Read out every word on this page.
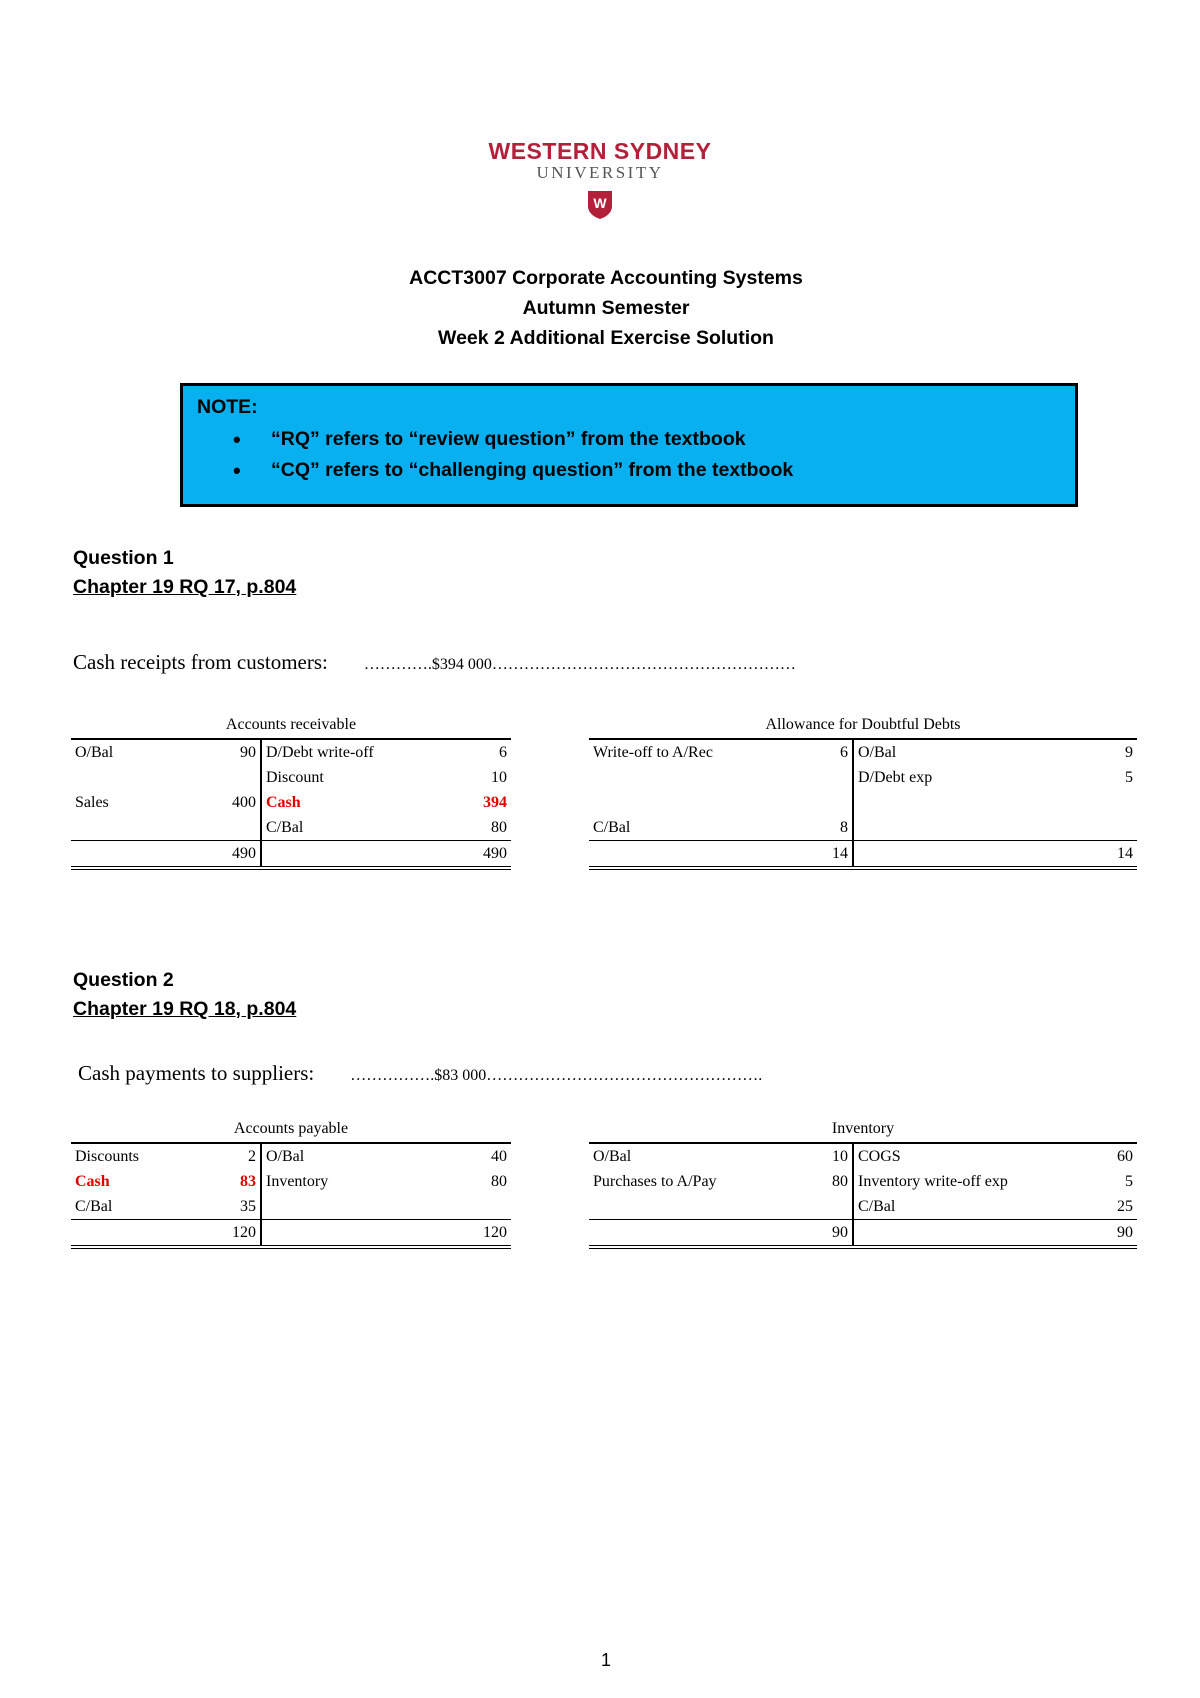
WESTERN SYDNEY
UNIVERSITY
W
ACCT3007 Corporate Accounting Systems
Autumn Semester
Week 2 Additional Exercise Solution
NOTE:
• “RQ” refers to “review question” from the textbook
• “CQ” refers to “challenging question” from the textbook
Question 1
Chapter 19 RQ 17, p.804
Cash receipts from customers: ………….$394 000…………………………………………………
Accounts receivable
O/Bal	90	D/Debt write-off	6
		Discount	10
Sales	400	Cash	394
		C/Bal	80
	490		490
Allowance for Doubtful Debts
Write-off to A/Rec	6	O/Bal	9
		D/Debt exp	5

C/Bal	8		
	14		14
Question 2
Chapter 19 RQ 18, p.804
Cash payments to suppliers: …………….$83 000…………………………………………….
Accounts payable
Discounts	2	O/Bal	40
Cash	83	Inventory	80
C/Bal	35		
	120		120
Inventory
O/Bal	10	COGS	60
Purchases to A/Pay	80	Inventory write-off exp	5
		C/Bal	25
	90		90
1
